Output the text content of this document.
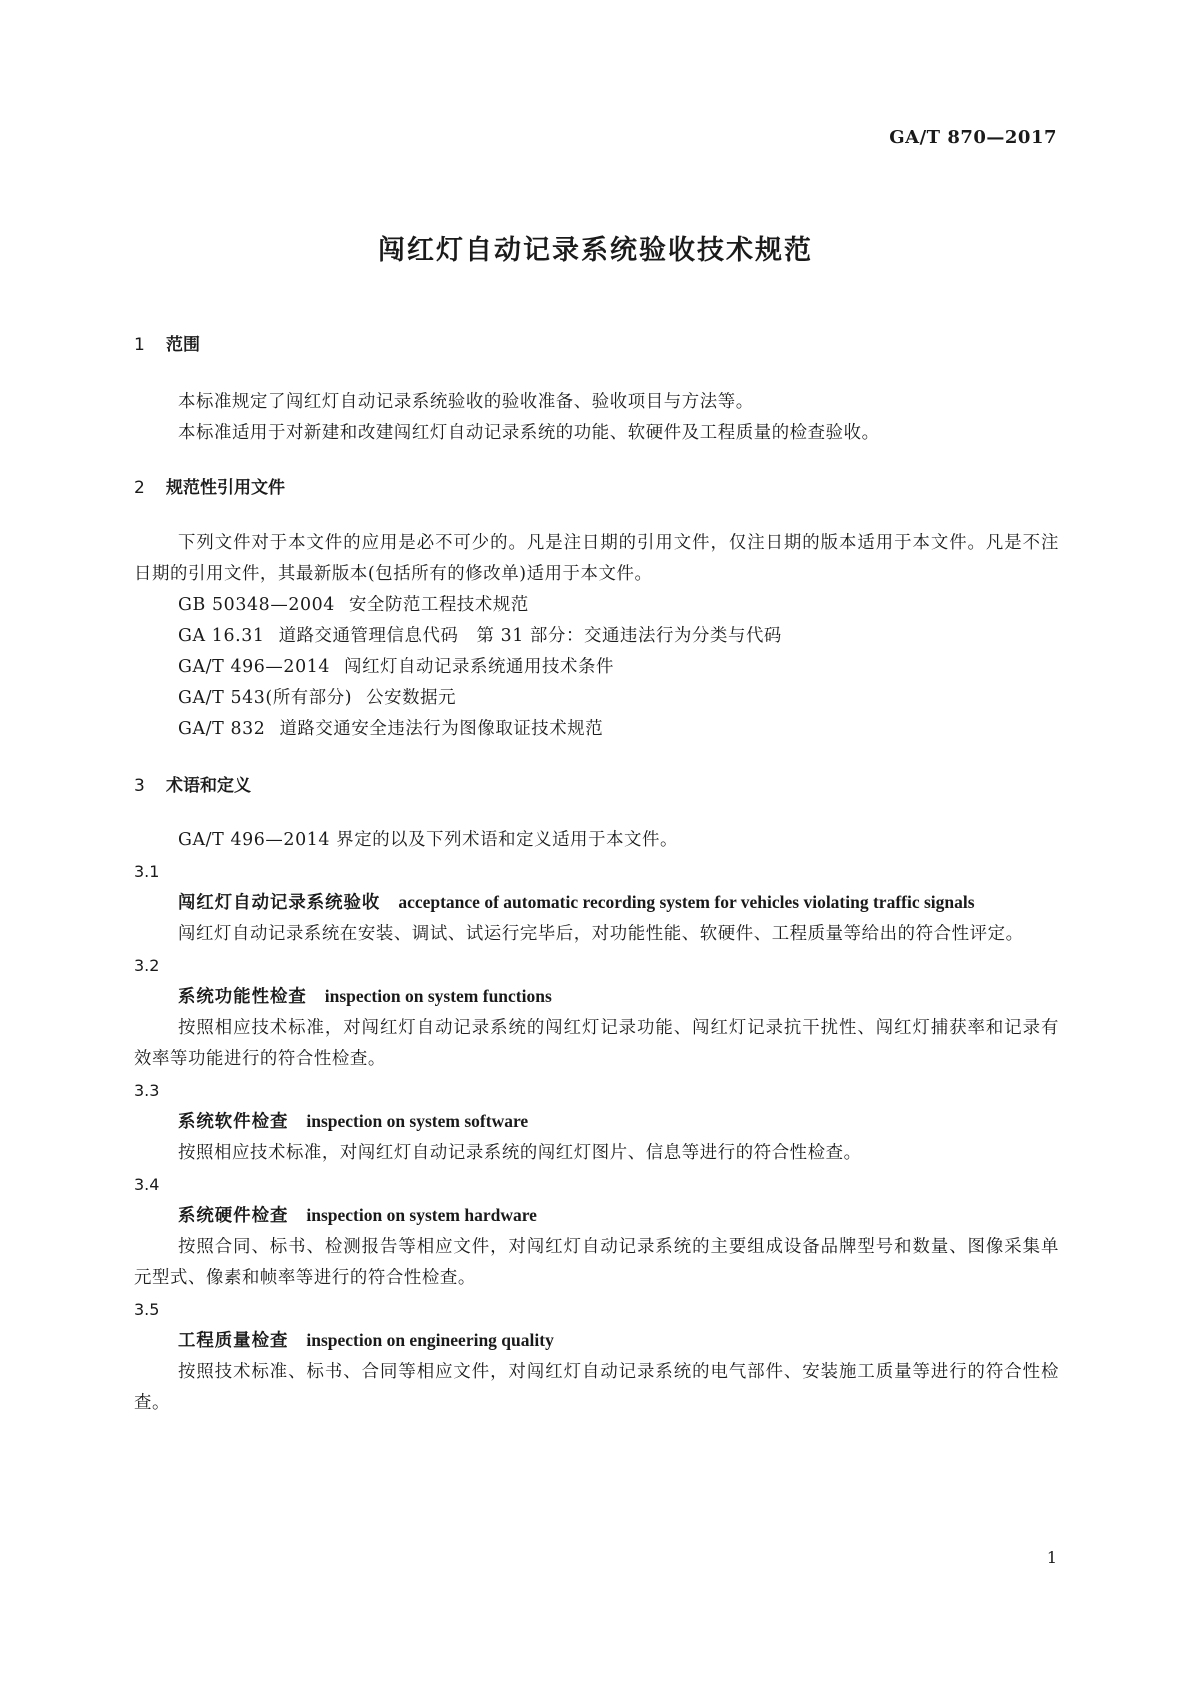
GA/T 870—2017
闯红灯自动记录系统验收技术规范
1 范围

本标准规定了闯红灯自动记录系统验收的验收准备、验收项目与方法等。

本标准适用于对新建和改建闯红灯自动记录系统的功能、软硬件及工程质量的检查验收。

2 规范性引用文件

下列文件对于本文件的应用是必不可少的。凡是注日期的引用文件，仅注日期的版本适用于本文件。凡是不注日期的引用文件，其最新版本(包括所有的修改单)适用于本文件。

GB 50348—2004 安全防范工程技术规范

GA 16.31 道路交通管理信息代码　第 31 部分：交通违法行为分类与代码

GA/T 496—2014 闯红灯自动记录系统通用技术条件

GA/T 543(所有部分) 公安数据元

GA/T 832 道路交通安全违法行为图像取证技术规范

3 术语和定义

GA/T 496—2014 界定的以及下列术语和定义适用于本文件。

3.1

闯红灯自动记录系统验收 acceptance of automatic recording system for vehicles violating traffic signals

闯红灯自动记录系统在安装、调试、试运行完毕后，对功能性能、软硬件、工程质量等给出的符合性评定。

3.2

系统功能性检查 inspection on system functions

按照相应技术标准，对闯红灯自动记录系统的闯红灯记录功能、闯红灯记录抗干扰性、闯红灯捕获率和记录有效率等功能进行的符合性检查。

3.3

系统软件检查 inspection on system software

按照相应技术标准，对闯红灯自动记录系统的闯红灯图片、信息等进行的符合性检查。

3.4

系统硬件检查 inspection on system hardware

按照合同、标书、检测报告等相应文件，对闯红灯自动记录系统的主要组成设备品牌型号和数量、图像采集单元型式、像素和帧率等进行的符合性检查。

3.5

工程质量检查 inspection on engineering quality

按照技术标准、标书、合同等相应文件，对闯红灯自动记录系统的电气部件、安装施工质量等进行的符合性检查。

1
